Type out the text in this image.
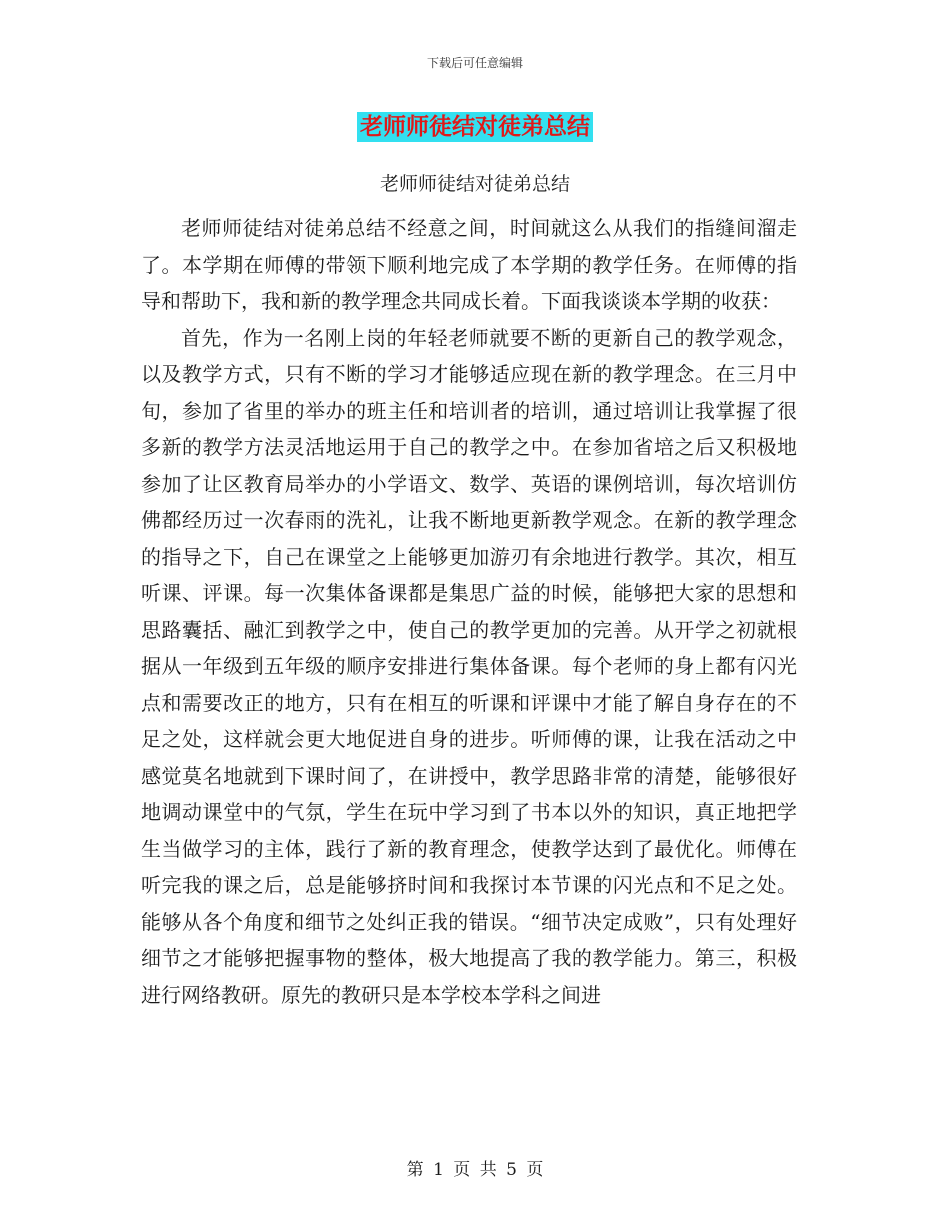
下载后可任意编辑
老师师徒结对徒弟总结
老师师徒结对徒弟总结

老师师徒结对徒弟总结不经意之间，时间就这么从我们的指缝间溜走了。本学期在师傅的带领下顺利地完成了本学期的教学任务。在师傅的指导和帮助下，我和新的教学理念共同成长着。下面我谈谈本学期的收获：

首先，作为一名刚上岗的年轻老师就要不断的更新自己的教学观念，以及教学方式，只有不断的学习才能够适应现在新的教学理念。在三月中旬，参加了省里的举办的班主任和培训者的培训，通过培训让我掌握了很多新的教学方法灵活地运用于自己的教学之中。在参加省培之后又积极地参加了让区教育局举办的小学语文、数学、英语的课例培训，每次培训仿佛都经历过一次春雨的洗礼，让我不断地更新教学观念。在新的教学理念的指导之下，自己在课堂之上能够更加游刃有余地进行教学。其次，相互听课、评课。每一次集体备课都是集思广益的时候，能够把大家的思想和思路囊括、融汇到教学之中，使自己的教学更加的完善。从开学之初就根据从一年级到五年级的顺序安排进行集体备课。每个老师的身上都有闪光点和需要改正的地方，只有在相互的听课和评课中才能了解自身存在的不足之处，这样就会更大地促进自身的进步。听师傅的课，让我在活动之中感觉莫名地就到下课时间了，在讲授中，教学思路非常的清楚，能够很好地调动课堂中的气氛，学生在玩中学习到了书本以外的知识，真正地把学生当做学习的主体，践行了新的教育理念，使教学达到了最优化。师傅在听完我的课之后，总是能够挤时间和我探讨本节课的闪光点和不足之处。能够从各个角度和细节之处纠正我的错误。“细节决定成败”，只有处理好细节之才能够把握事物的整体，极大地提高了我的教学能力。第三，积极进行网络教研。原先的教研只是本学校本学科之间进

第 1 页 共 5 页
